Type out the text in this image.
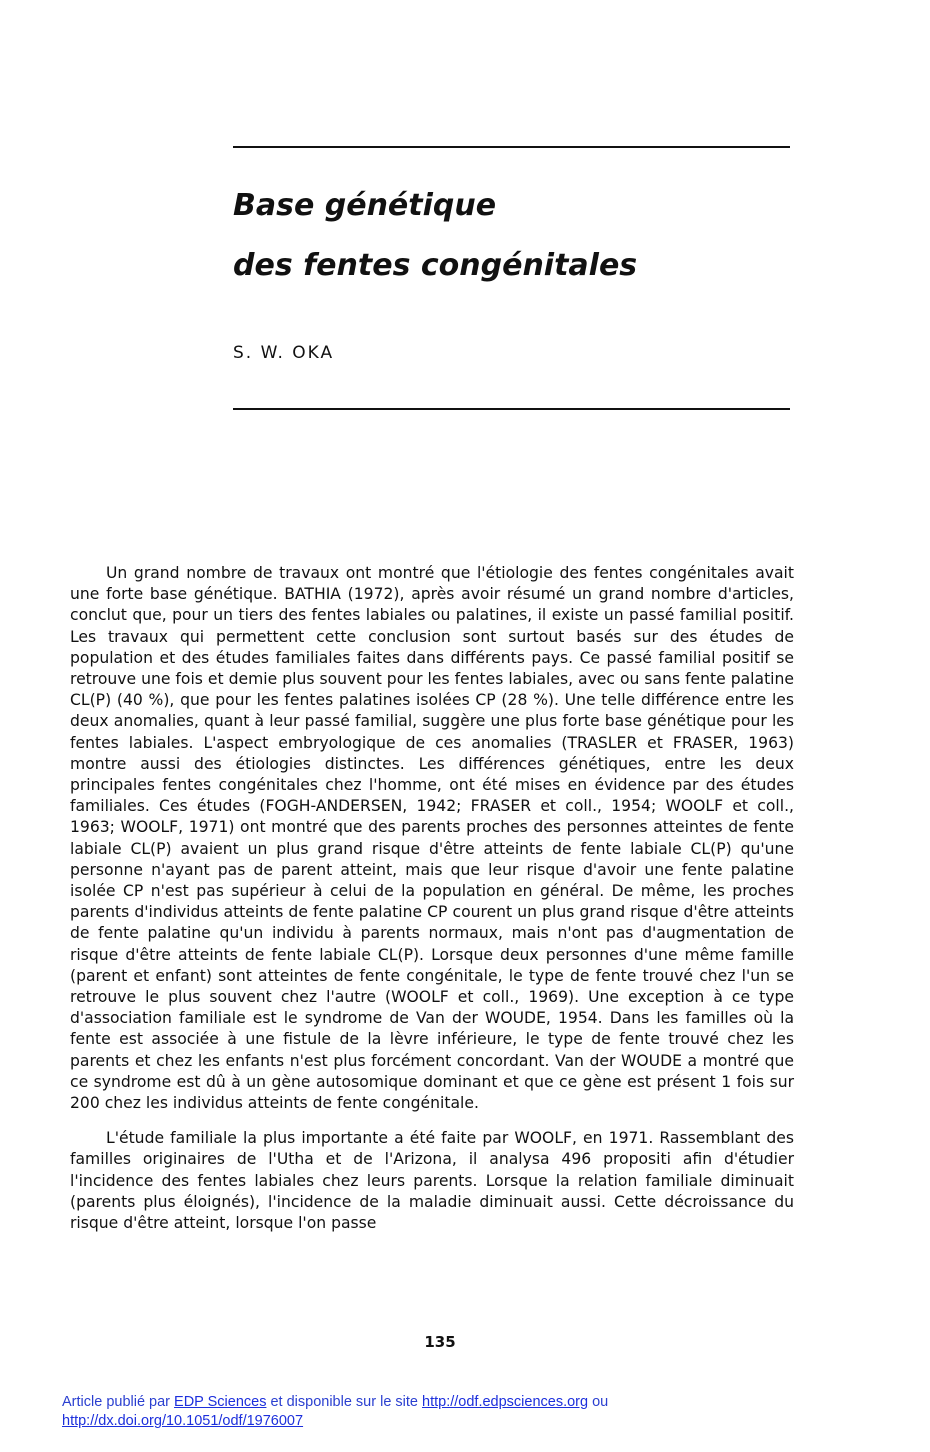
Base génétique
des fentes congénitales
S. W. OKA

Un grand nombre de travaux ont montré que l'étiologie des fentes congénitales avait une forte base génétique. BATHIA (1972), après avoir résumé un grand nombre d'articles, conclut que, pour un tiers des fentes labiales ou palatines, il existe un passé familial positif. Les travaux qui permettent cette conclusion sont surtout basés sur des études de population et des études familiales faites dans différents pays. Ce passé familial positif se retrouve une fois et demie plus souvent pour les fentes labiales, avec ou sans fente palatine CL(P) (40 %), que pour les fentes palatines isolées CP (28 %). Une telle différence entre les deux anomalies, quant à leur passé familial, suggère une plus forte base génétique pour les fentes labiales. L'aspect embryologique de ces anomalies (TRASLER et FRASER, 1963) montre aussi des étiologies distinctes. Les différences génétiques, entre les deux principales fentes congénitales chez l'homme, ont été mises en évidence par des études familiales. Ces études (FOGH-ANDERSEN, 1942; FRASER et coll., 1954; WOOLF et coll., 1963; WOOLF, 1971) ont montré que des parents proches des personnes atteintes de fente labiale CL(P) avaient un plus grand risque d'être atteints de fente labiale CL(P) qu'une personne n'ayant pas de parent atteint, mais que leur risque d'avoir une fente palatine isolée CP n'est pas supérieur à celui de la population en général. De même, les proches parents d'individus atteints de fente palatine CP courent un plus grand risque d'être atteints de fente palatine qu'un individu à parents normaux, mais n'ont pas d'augmentation de risque d'être atteints de fente labiale CL(P). Lorsque deux personnes d'une même famille (parent et enfant) sont atteintes de fente congénitale, le type de fente trouvé chez l'un se retrouve le plus souvent chez l'autre (WOOLF et coll., 1969). Une exception à ce type d'association familiale est le syndrome de Van der WOUDE, 1954. Dans les familles où la fente est associée à une fistule de la lèvre inférieure, le type de fente trouvé chez les parents et chez les enfants n'est plus forcément concordant. Van der WOUDE a montré que ce syndrome est dû à un gène autosomique dominant et que ce gène est présent 1 fois sur 200 chez les individus atteints de fente congénitale.

L'étude familiale la plus importante a été faite par WOOLF, en 1971. Rassemblant des familles originaires de l'Utha et de l'Arizona, il analysa 496 propositi afin d'étudier l'incidence des fentes labiales chez leurs parents. Lorsque la relation familiale diminuait (parents plus éloignés), l'incidence de la maladie diminuait aussi. Cette décroissance du risque d'être atteint, lorsque l'on passe

135
Article publié par EDP Sciences et disponible sur le site http://odf.edpsciences.org ou
http://dx.doi.org/10.1051/odf/1976007
